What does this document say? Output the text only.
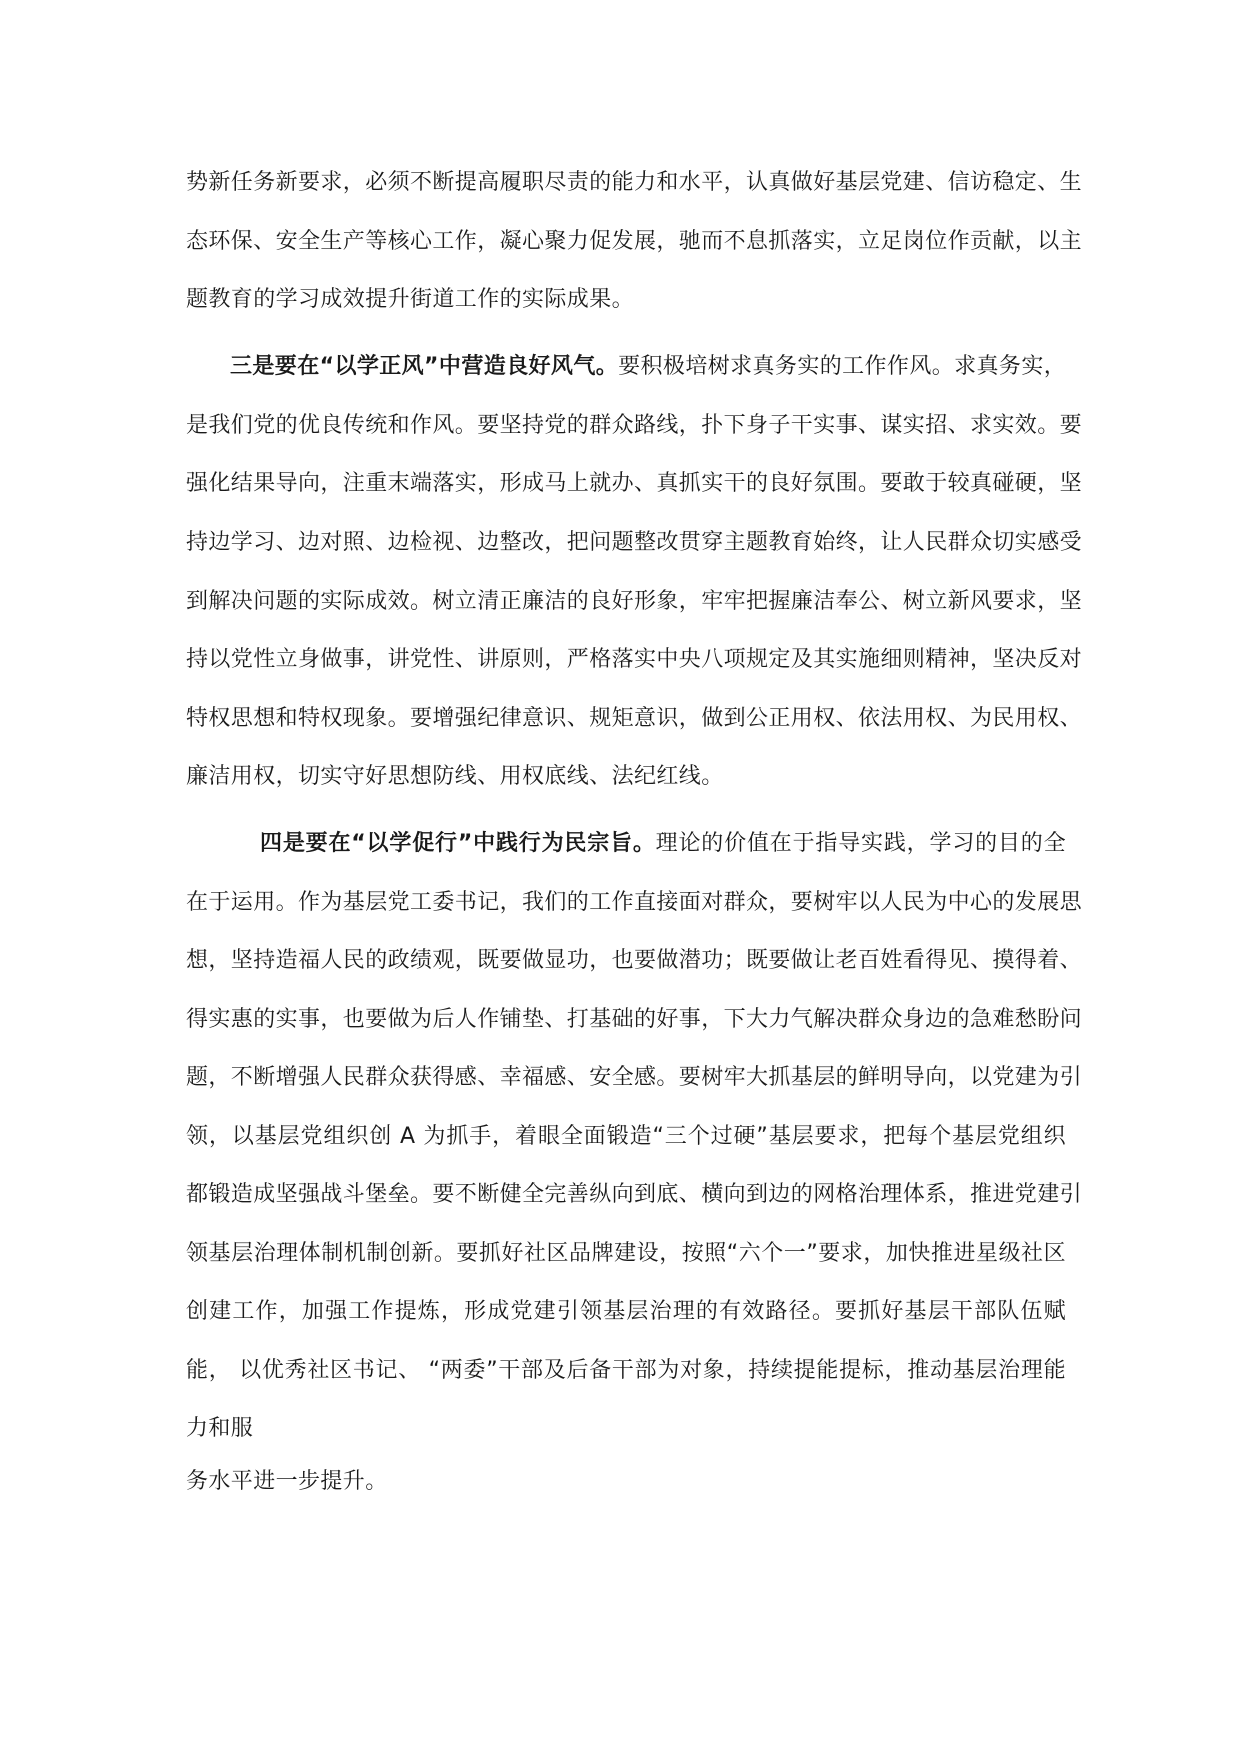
势新任务新要求，必须不断提高履职尽责的能力和水平，认真做好基层党建、信访稳定、生
态环保、安全生产等核心工作，凝心聚力促发展，驰而不息抓落实，立足岗位作贡献，以主
题教育的学习成效提升街道工作的实际成果。
三是要在“以学正风”中营造良好风气。要积极培树求真务实的工作作风。求真务实，
是我们党的优良传统和作风。要坚持党的群众路线，扑下身子干实事、谋实招、求实效。要
强化结果导向，注重末端落实，形成马上就办、真抓实干的良好氛围。要敢于较真碰硬，坚
持边学习、边对照、边检视、边整改，把问题整改贯穿主题教育始终，让人民群众切实感受
到解决问题的实际成效。树立清正廉洁的良好形象，牢牢把握廉洁奉公、树立新风要求，坚
持以党性立身做事，讲党性、讲原则，严格落实中央八项规定及其实施细则精神，坚决反对
特权思想和特权现象。要增强纪律意识、规矩意识，做到公正用权、依法用权、为民用权、
廉洁用权，切实守好思想防线、用权底线、法纪红线。
四是要在“以学促行”中践行为民宗旨。理论的价值在于指导实践，学习的目的全
在于运用。作为基层党工委书记，我们的工作直接面对群众，要树牢以人民为中心的发展思
想，坚持造福人民的政绩观，既要做显功，也要做潜功；既要做让老百姓看得见、摸得着、
得实惠的实事，也要做为后人作铺垫、打基础的好事，下大力气解决群众身边的急难愁盼问
题，不断增强人民群众获得感、幸福感、安全感。要树牢大抓基层的鲜明导向，以党建为引
领，以基层党组织创 A 为抓手，着眼全面锻造“三个过硬”基层要求，把每个基层党组织
都锻造成坚强战斗堡垒。要不断健全完善纵向到底、横向到边的网格治理体系，推进党建引
领基层治理体制机制创新。要抓好社区品牌建设，按照“六个一”要求，加快推进星级社区
创建工作，加强工作提炼，形成党建引领基层治理的有效路径。要抓好基层干部队伍赋
能， 以优秀社区书记、 “两委”干部及后备干部为对象，持续提能提标，推动基层治理能
力和服
务水平进一步提升。
